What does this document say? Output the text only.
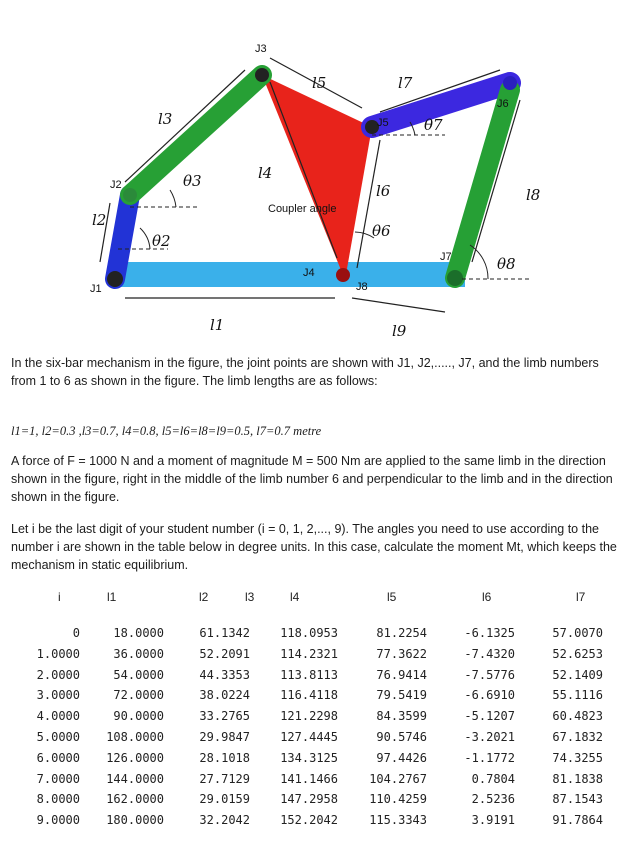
J3
J2
J1
J4
J8
J5
J6
J7
l3
l2
l5	l7
l4
l6	l8
l1	l9
θ3
θ2
θ7
θ6
θ8
Coupler angle
In the six-bar mechanism in the figure, the joint points are shown with J1, J2,....., J7, and the limb numbers from 1 to 6 as shown in the figure. The limb lengths are as follows:
l1=1, l2=0.3 ,l3=0.7, l4=0.8, l5=l6=l8=l9=0.5, l7=0.7 metre
A force of F = 1000 N and a moment of magnitude M = 500 Nm are applied to the same limb in the direction shown in the figure, right in the middle of the limb number 6 and perpendicular to the limb and in the direction shown in the figure.
Let i be the last digit of your student number (i = 0, 1, 2,..., 9). The angles you need to use according to the number i are shown in the table below in degree units. In this case, calculate the moment Mt, which keeps the mechanism in static equilibrium.
i	l1	l2	l3	l4	l5	l6	l7
0	18.0000	61.1342	118.0953	81.2254	-6.1325	57.0070
1.0000	36.0000	52.2091	114.2321	77.3622	-7.4320	52.6253
2.0000	54.0000	44.3353	113.8113	76.9414	-7.5776	52.1409
3.0000	72.0000	38.0224	116.4118	79.5419	-6.6910	55.1116
4.0000	90.0000	33.2765	121.2298	84.3599	-5.1207	60.4823
5.0000	108.0000	29.9847	127.4445	90.5746	-3.2021	67.1832
6.0000	126.0000	28.1018	134.3125	97.4426	-1.1772	74.3255
7.0000	144.0000	27.7129	141.1466	104.2767	0.7804	81.1838
8.0000	162.0000	29.0159	147.2958	110.4259	2.5236	87.1543
9.0000	180.0000	32.2042	152.2042	115.3343	3.9191	91.7864
